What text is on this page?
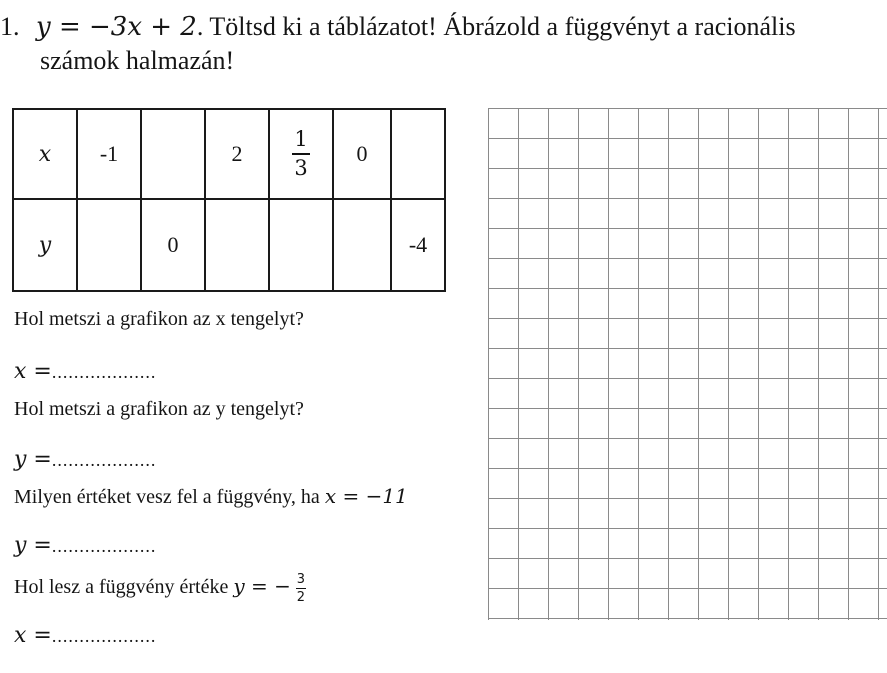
1. y = −3x + 2. Töltsd ki a táblázatot! Ábrázold a függvényt a racionális
számok halmazán!
x	-1		2	$\frac{1}{3}$	0	
y		0				-4
Hol metszi a grafikon az x tengelyt?
x =...................
Hol metszi a grafikon az y tengelyt?
y =...................
Milyen értéket vesz fel a függvény, ha x = −11
y =...................
Hol lesz a függvény értéke y = − $\frac{3}{2}$
x =...................
